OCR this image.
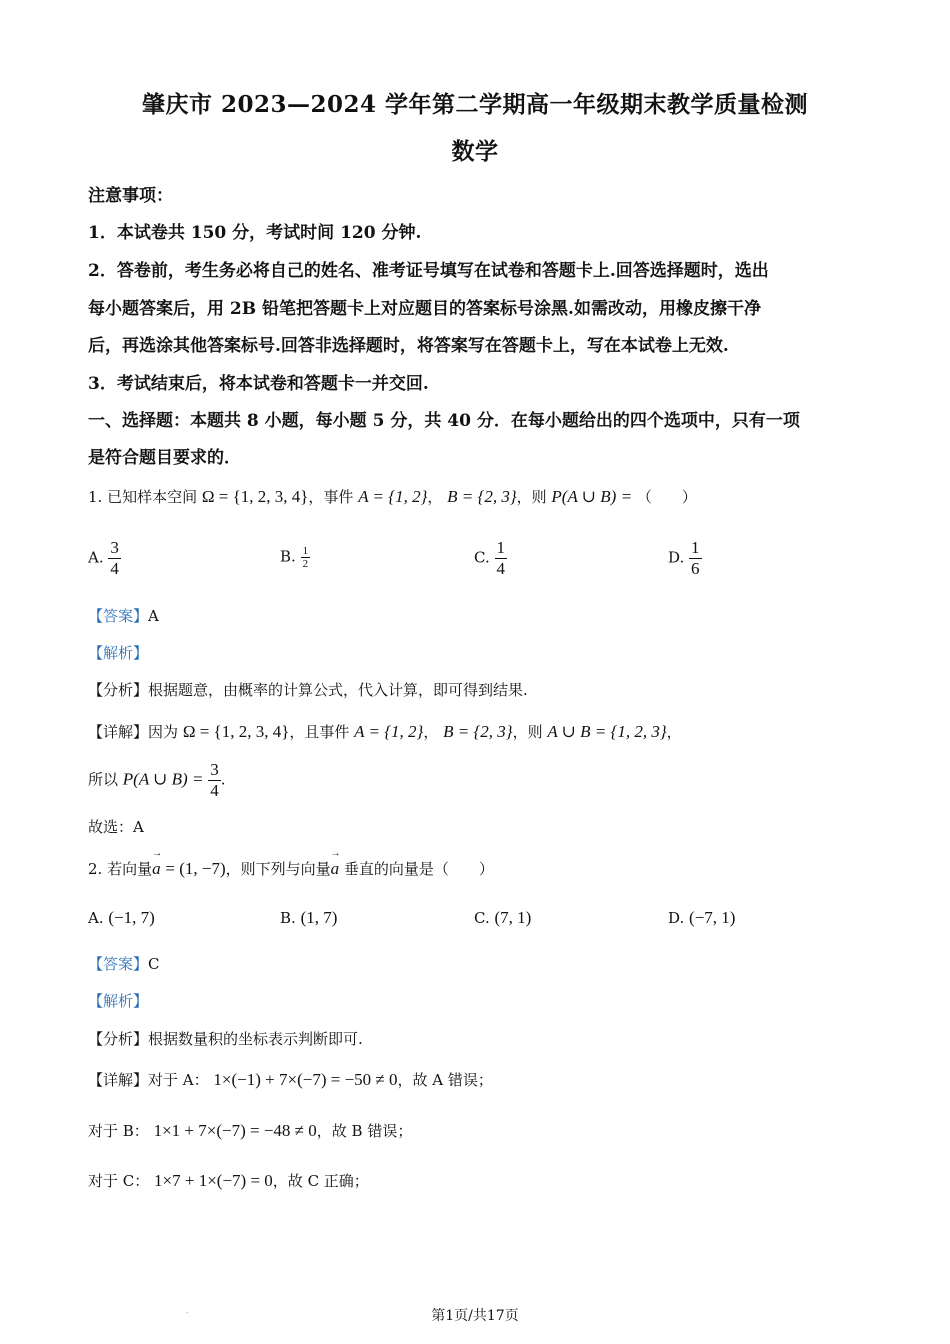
肇庆市 2023—2024 学年第二学期高一年级期末教学质量检测
数学
注意事项：
1．本试卷共 150 分，考试时间 120 分钟.
2．答卷前，考生务必将自己的姓名、准考证号填写在试卷和答题卡上.回答选择题时，选出
每小题答案后，用 2B 铅笔把答题卡上对应题目的答案标号涂黑.如需改动，用橡皮擦干净
后，再选涂其他答案标号.回答非选择题时，将答案写在答题卡上，写在本试卷上无效.
3．考试结束后，将本试卷和答题卡一并交回.
一、选择题：本题共 8 小题，每小题 5 分，共 40 分．在每小题给出的四个选项中，只有一项
是符合题目要求的．
1. 已知样本空间 Ω = {1, 2, 3, 4}，事件 A = {1, 2}， B = {2, 3}，则 P(A ∪ B) = （　　）
A. $\frac{3}{4}$	B. $\frac{1}{2}$	C. $\frac{1}{4}$	D. $\frac{1}{6}$
【答案】A
【解析】
【分析】根据题意，由概率的计算公式，代入计算，即可得到结果.
【详解】因为 Ω = {1, 2, 3, 4}，且事件 A = {1, 2}， B = {2, 3}，则 A ∪ B = {1, 2, 3}，
所以 P(A ∪ $B) = \frac{3}{4}$ .
故选：A
2. 若向量→ a = (1, −7)，则下列与向量→ a 垂直的向量是（　　）
A. (−1, 7)	B. (1, 7)	C. (7, 1)	D. (−7, 1)
【答案】C
【解析】
【分析】根据数量积的坐标表示判断即可.
【详解】对于 A： 1×(−1) + 7×(−7) = −50 ≠ 0，故 A 错误；
对于 B： 1×1 + 7×(−7) = −48 ≠ 0，故 B 错误；
对于 C： 1×7 + 1×(−7) = 0，故 C 正确；
.	第1页/共17页
